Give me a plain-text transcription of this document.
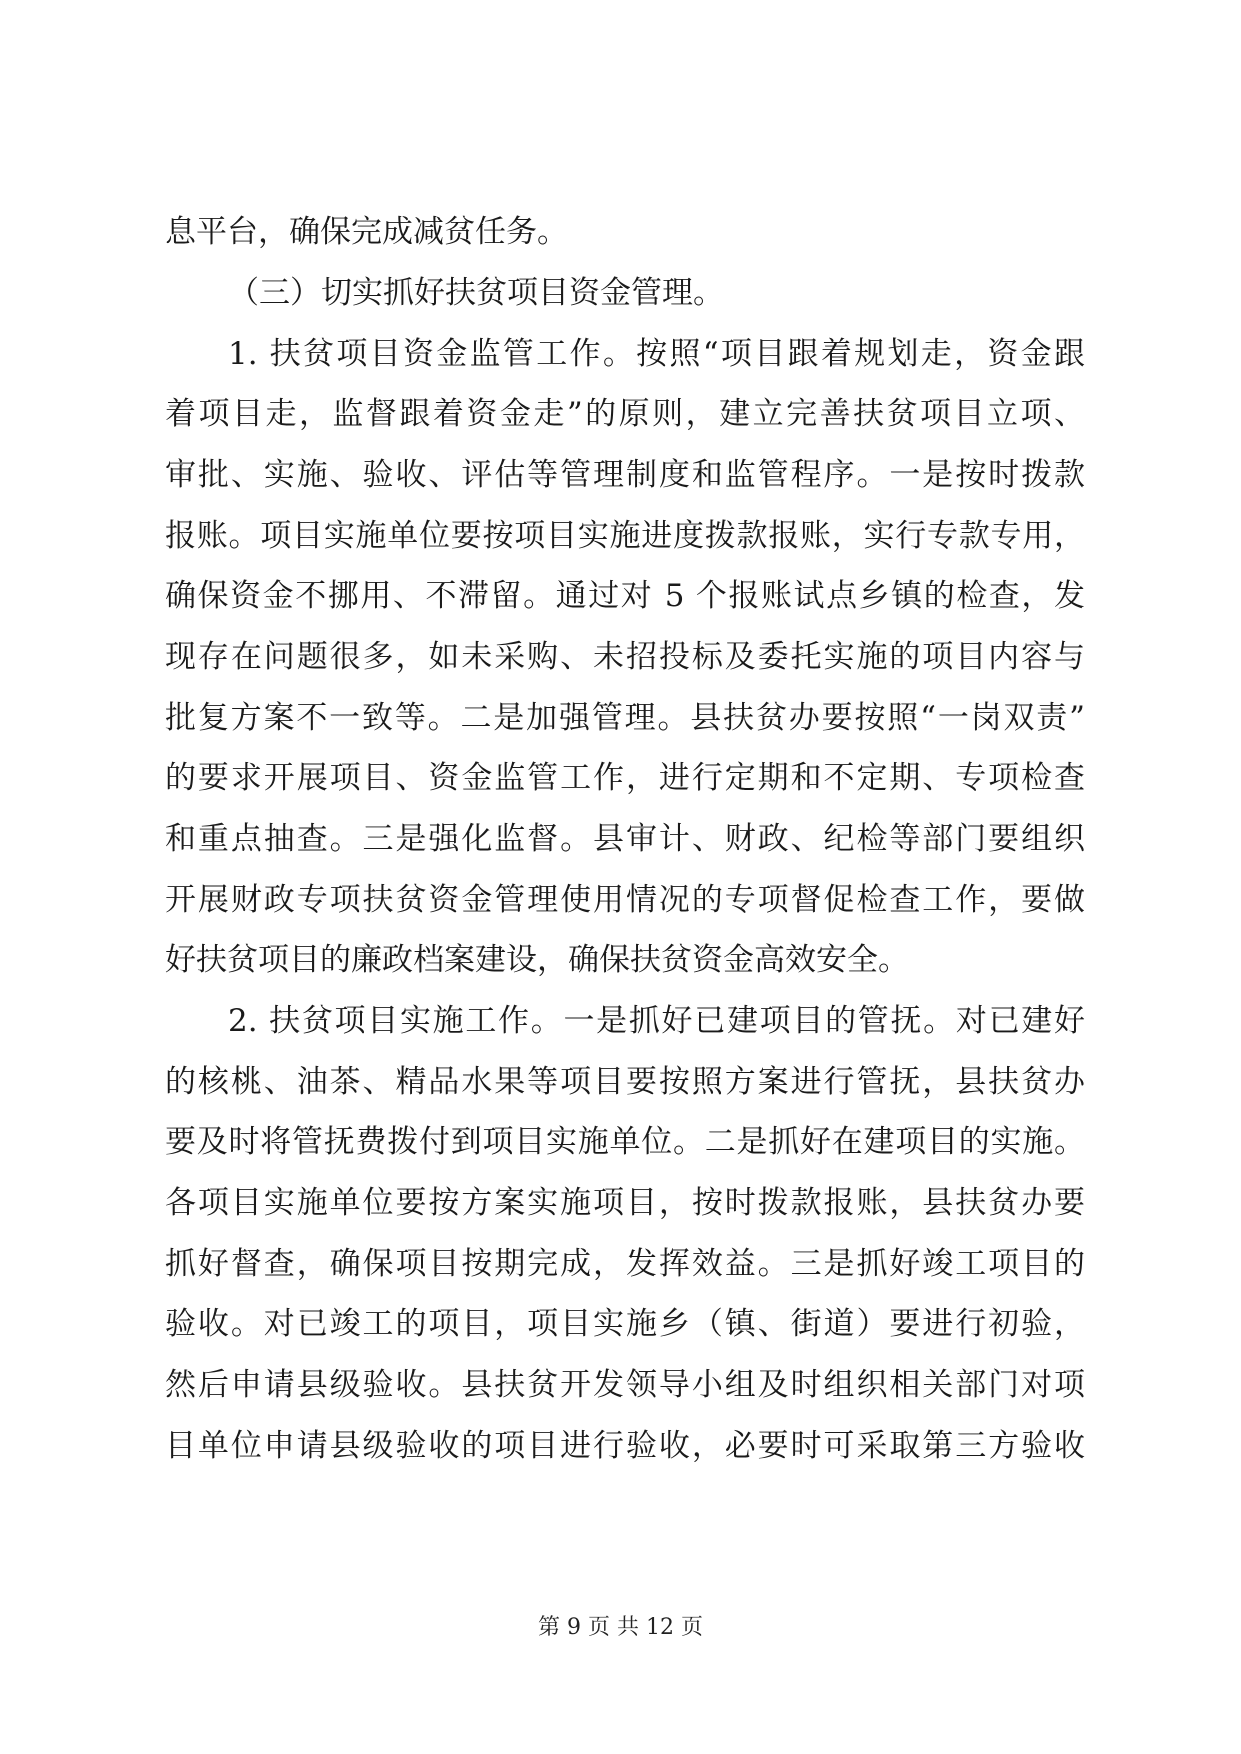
息平台，确保完成减贫任务。
（三）切实抓好扶贫项目资金管理。
1. 扶贫项目资金监管工作。按照“项目跟着规划走，资金跟
着项目走，监督跟着资金走”的原则，建立完善扶贫项目立项、
审批、实施、验收、评估等管理制度和监管程序。一是按时拨款
报账。项目实施单位要按项目实施进度拨款报账，实行专款专用，
确保资金不挪用、不滞留。通过对 5 个报账试点乡镇的检查，发
现存在问题很多，如未采购、未招投标及委托实施的项目内容与
批复方案不一致等。二是加强管理。县扶贫办要按照“一岗双责”
的要求开展项目、资金监管工作，进行定期和不定期、专项检查
和重点抽查。三是强化监督。县审计、财政、纪检等部门要组织
开展财政专项扶贫资金管理使用情况的专项督促检查工作，要做
好扶贫项目的廉政档案建设，确保扶贫资金高效安全。
2. 扶贫项目实施工作。一是抓好已建项目的管抚。对已建好
的核桃、油茶、精品水果等项目要按照方案进行管抚，县扶贫办
要及时将管抚费拨付到项目实施单位。二是抓好在建项目的实施。
各项目实施单位要按方案实施项目，按时拨款报账，县扶贫办要
抓好督查，确保项目按期完成，发挥效益。三是抓好竣工项目的
验收。对已竣工的项目，项目实施乡（镇、街道）要进行初验，
然后申请县级验收。县扶贫开发领导小组及时组织相关部门对项
目单位申请县级验收的项目进行验收，必要时可采取第三方验收
第 9 页 共 12 页
